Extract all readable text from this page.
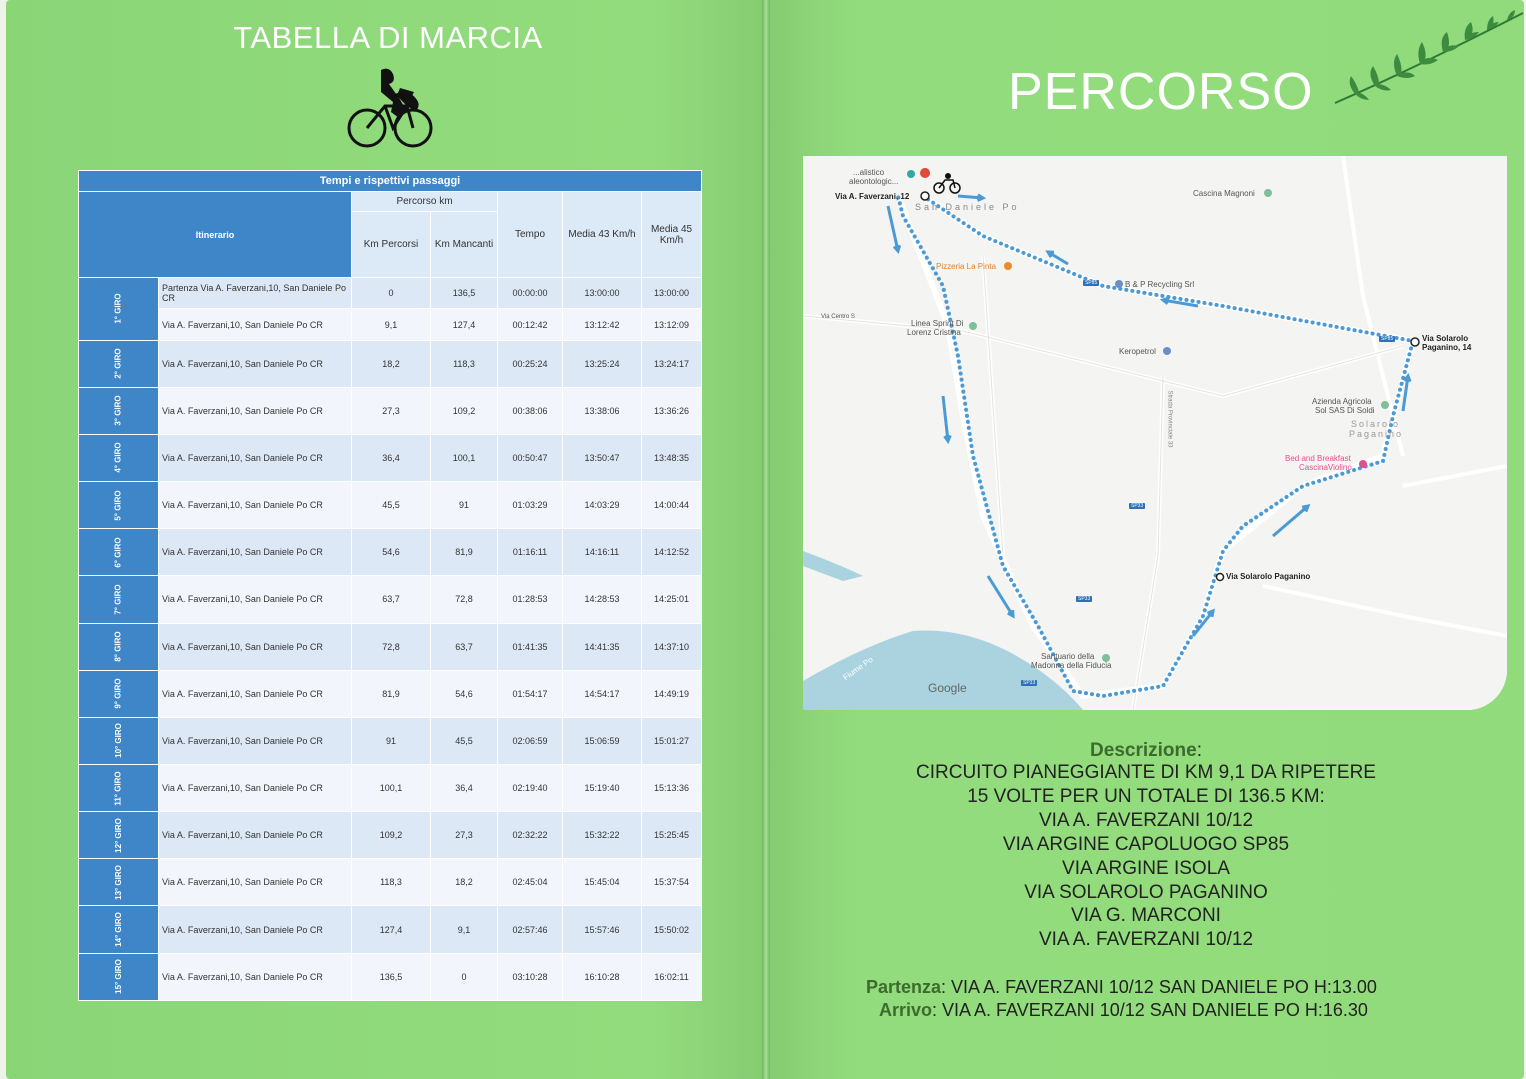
TABELLA DI MARCIA
Tempi e rispettivi passaggi						
Itinerario		Percorso km		Tempo	Media 43 Km/h	Media 45 Km/h
		Km Percorsi	Km Mancanti			
1° GIRO	Partenza Via A. Faverzani,10, San Daniele Po CR	0	136,5	00:00:00	13:00:00	13:00:00
	Via A. Faverzani,10, San Daniele Po CR	9,1	127,4	00:12:42	13:12:42	13:12:09
2° GIRO	Via A. Faverzani,10, San Daniele Po CR	18,2	118,3	00:25:24	13:25:24	13:24:17
3° GIRO	Via A. Faverzani,10, San Daniele Po CR	27,3	109,2	00:38:06	13:38:06	13:36:26
4° GIRO	Via A. Faverzani,10, San Daniele Po CR	36,4	100,1	00:50:47	13:50:47	13:48:35
5° GIRO	Via A. Faverzani,10, San Daniele Po CR	45,5	91	01:03:29	14:03:29	14:00:44
6° GIRO	Via A. Faverzani,10, San Daniele Po CR	54,6	81,9	01:16:11	14:16:11	14:12:52
7° GIRO	Via A. Faverzani,10, San Daniele Po CR	63,7	72,8	01:28:53	14:28:53	14:25:01
8° GIRO	Via A. Faverzani,10, San Daniele Po CR	72,8	63,7	01:41:35	14:41:35	14:37:10
9° GIRO	Via A. Faverzani,10, San Daniele Po CR	81,9	54,6	01:54:17	14:54:17	14:49:19
10° GIRO	Via A. Faverzani,10, San Daniele Po CR	91	45,5	02:06:59	15:06:59	15:01:27
11° GIRO	Via A. Faverzani,10, San Daniele Po CR	100,1	36,4	02:19:40	15:19:40	15:13:36
12° GIRO	Via A. Faverzani,10, San Daniele Po CR	109,2	27,3	02:32:22	15:32:22	15:25:45
13° GIRO	Via A. Faverzani,10, San Daniele Po CR	118,3	18,2	02:45:04	15:45:04	15:37:54
14° GIRO	Via A. Faverzani,10, San Daniele Po CR	127,4	9,1	02:57:46	15:57:46	15:50:02
15° GIRO	Via A. Faverzani,10, San Daniele Po CR	136,5	0	03:10:28	16:10:28	16:02:11
PERCORSO
...alistico
aleontologic...
Via A. Faverzani, 12
San Daniele Po
Cascina Magnoni
Pizzeria La Pinta
B & P Recycling Srl
Via Centro S
Linea Sprint Di
Lorenz Cristina
Keropetrol
Via Solarolo
Paganino, 14
Azienda Agricola
Sol SAS Di Soldi
Solarolo
Paganino
Bed and Breakfast
CascinaViolino
Via Solarolo Paganino
Santuario della
Madonna della Fiducia
Fiume Po
Strada Provinciale 33
SP85
SP85
SP33
SP33
SP33
Google
Descrizione:
CIRCUITO PIANEGGIANTE DI KM 9,1 DA RIPETERE
15 VOLTE PER UN TOTALE DI 136.5 KM:
VIA A. FAVERZANI 10/12
VIA ARGINE CAPOLUOGO SP85
VIA ARGINE ISOLA
VIA SOLAROLO PAGANINO
VIA G. MARCONI
VIA A. FAVERZANI 10/12
Partenza: VIA A. FAVERZANI 10/12 SAN DANIELE PO H:13.00
Arrivo: VIA A. FAVERZANI 10/12 SAN DANIELE PO H:16.30
